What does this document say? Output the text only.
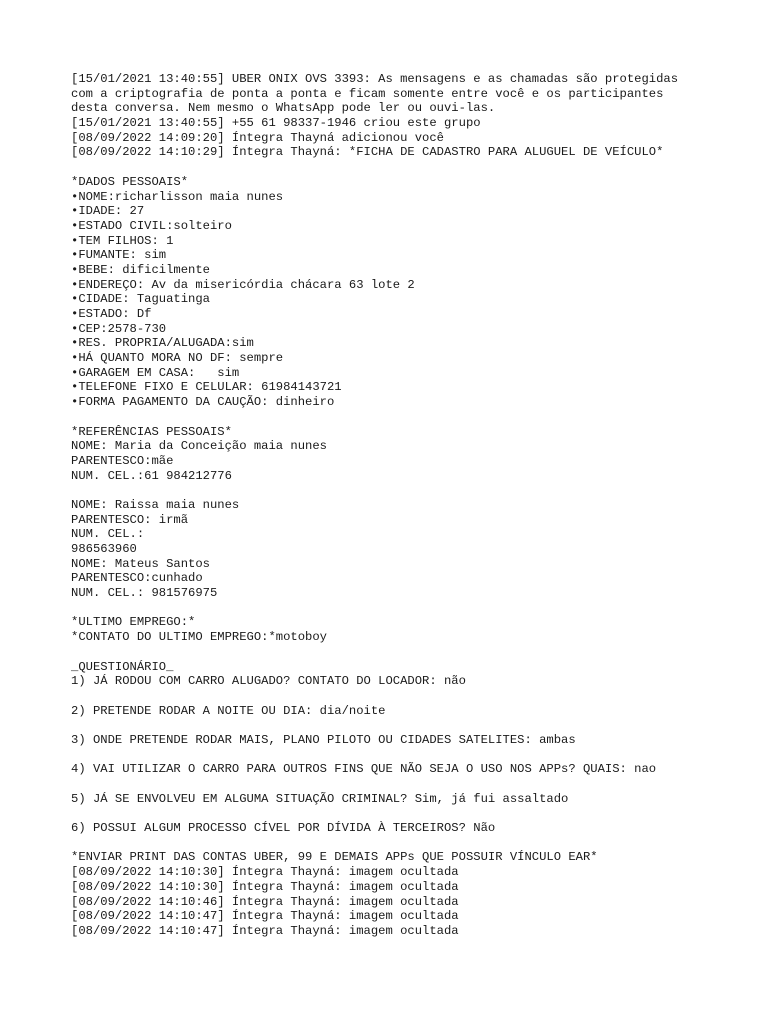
[15/01/2021 13:40:55] UBER ONIX OVS 3393: As mensagens e as chamadas são protegidas
com a criptografia de ponta a ponta e ficam somente entre você e os participantes
desta conversa. Nem mesmo o WhatsApp pode ler ou ouvi-las.
[15/01/2021 13:40:55] +55 61 98337-1946 criou este grupo
[08/09/2022 14:09:20] Íntegra Thayná adicionou você
[08/09/2022 14:10:29] Íntegra Thayná: *FICHA DE CADASTRO PARA ALUGUEL DE VEÍCULO*
*DADOS PESSOAIS*
•NOME:richarlisson maia nunes
•IDADE: 27
•ESTADO CIVIL:solteiro
•TEM FILHOS: 1
•FUMANTE: sim
•BEBE: dificilmente
•ENDEREÇO: Av da misericórdia chácara 63 lote 2
•CIDADE: Taguatinga
•ESTADO: Df
•CEP:2578-730
•RES. PROPRIA/ALUGADA:sim
•HÁ QUANTO MORA NO DF: sempre
•GARAGEM EM CASA:   sim
•TELEFONE FIXO E CELULAR: 61984143721
•FORMA PAGAMENTO DA CAUÇÃO: dinheiro
*REFERÊNCIAS PESSOAIS*
NOME: Maria da Conceição maia nunes
PARENTESCO:mãe
NUM. CEL.:61 984212776
NOME: Raissa maia nunes
PARENTESCO: irmã
NUM. CEL.:
986563960
NOME: Mateus Santos
PARENTESCO:cunhado
NUM. CEL.: 981576975
*ULTIMO EMPREGO:*
*CONTATO DO ULTIMO EMPREGO:*motoboy
_QUESTIONÁRIO_
1) JÁ RODOU COM CARRO ALUGADO? CONTATO DO LOCADOR: não
2) PRETENDE RODAR A NOITE OU DIA: dia/noite
3) ONDE PRETENDE RODAR MAIS, PLANO PILOTO OU CIDADES SATELITES: ambas
4) VAI UTILIZAR O CARRO PARA OUTROS FINS QUE NÃO SEJA O USO NOS APPs? QUAIS: nao
5) JÁ SE ENVOLVEU EM ALGUMA SITUAÇÃO CRIMINAL? Sim, já fui assaltado
6) POSSUI ALGUM PROCESSO CÍVEL POR DÍVIDA À TERCEIROS? Não
*ENVIAR PRINT DAS CONTAS UBER, 99 E DEMAIS APPs QUE POSSUIR VÍNCULO EAR*
[08/09/2022 14:10:30] Íntegra Thayná: imagem ocultada
[08/09/2022 14:10:30] Íntegra Thayná: imagem ocultada
[08/09/2022 14:10:46] Íntegra Thayná: imagem ocultada
[08/09/2022 14:10:47] Íntegra Thayná: imagem ocultada
[08/09/2022 14:10:47] Íntegra Thayná: imagem ocultada
